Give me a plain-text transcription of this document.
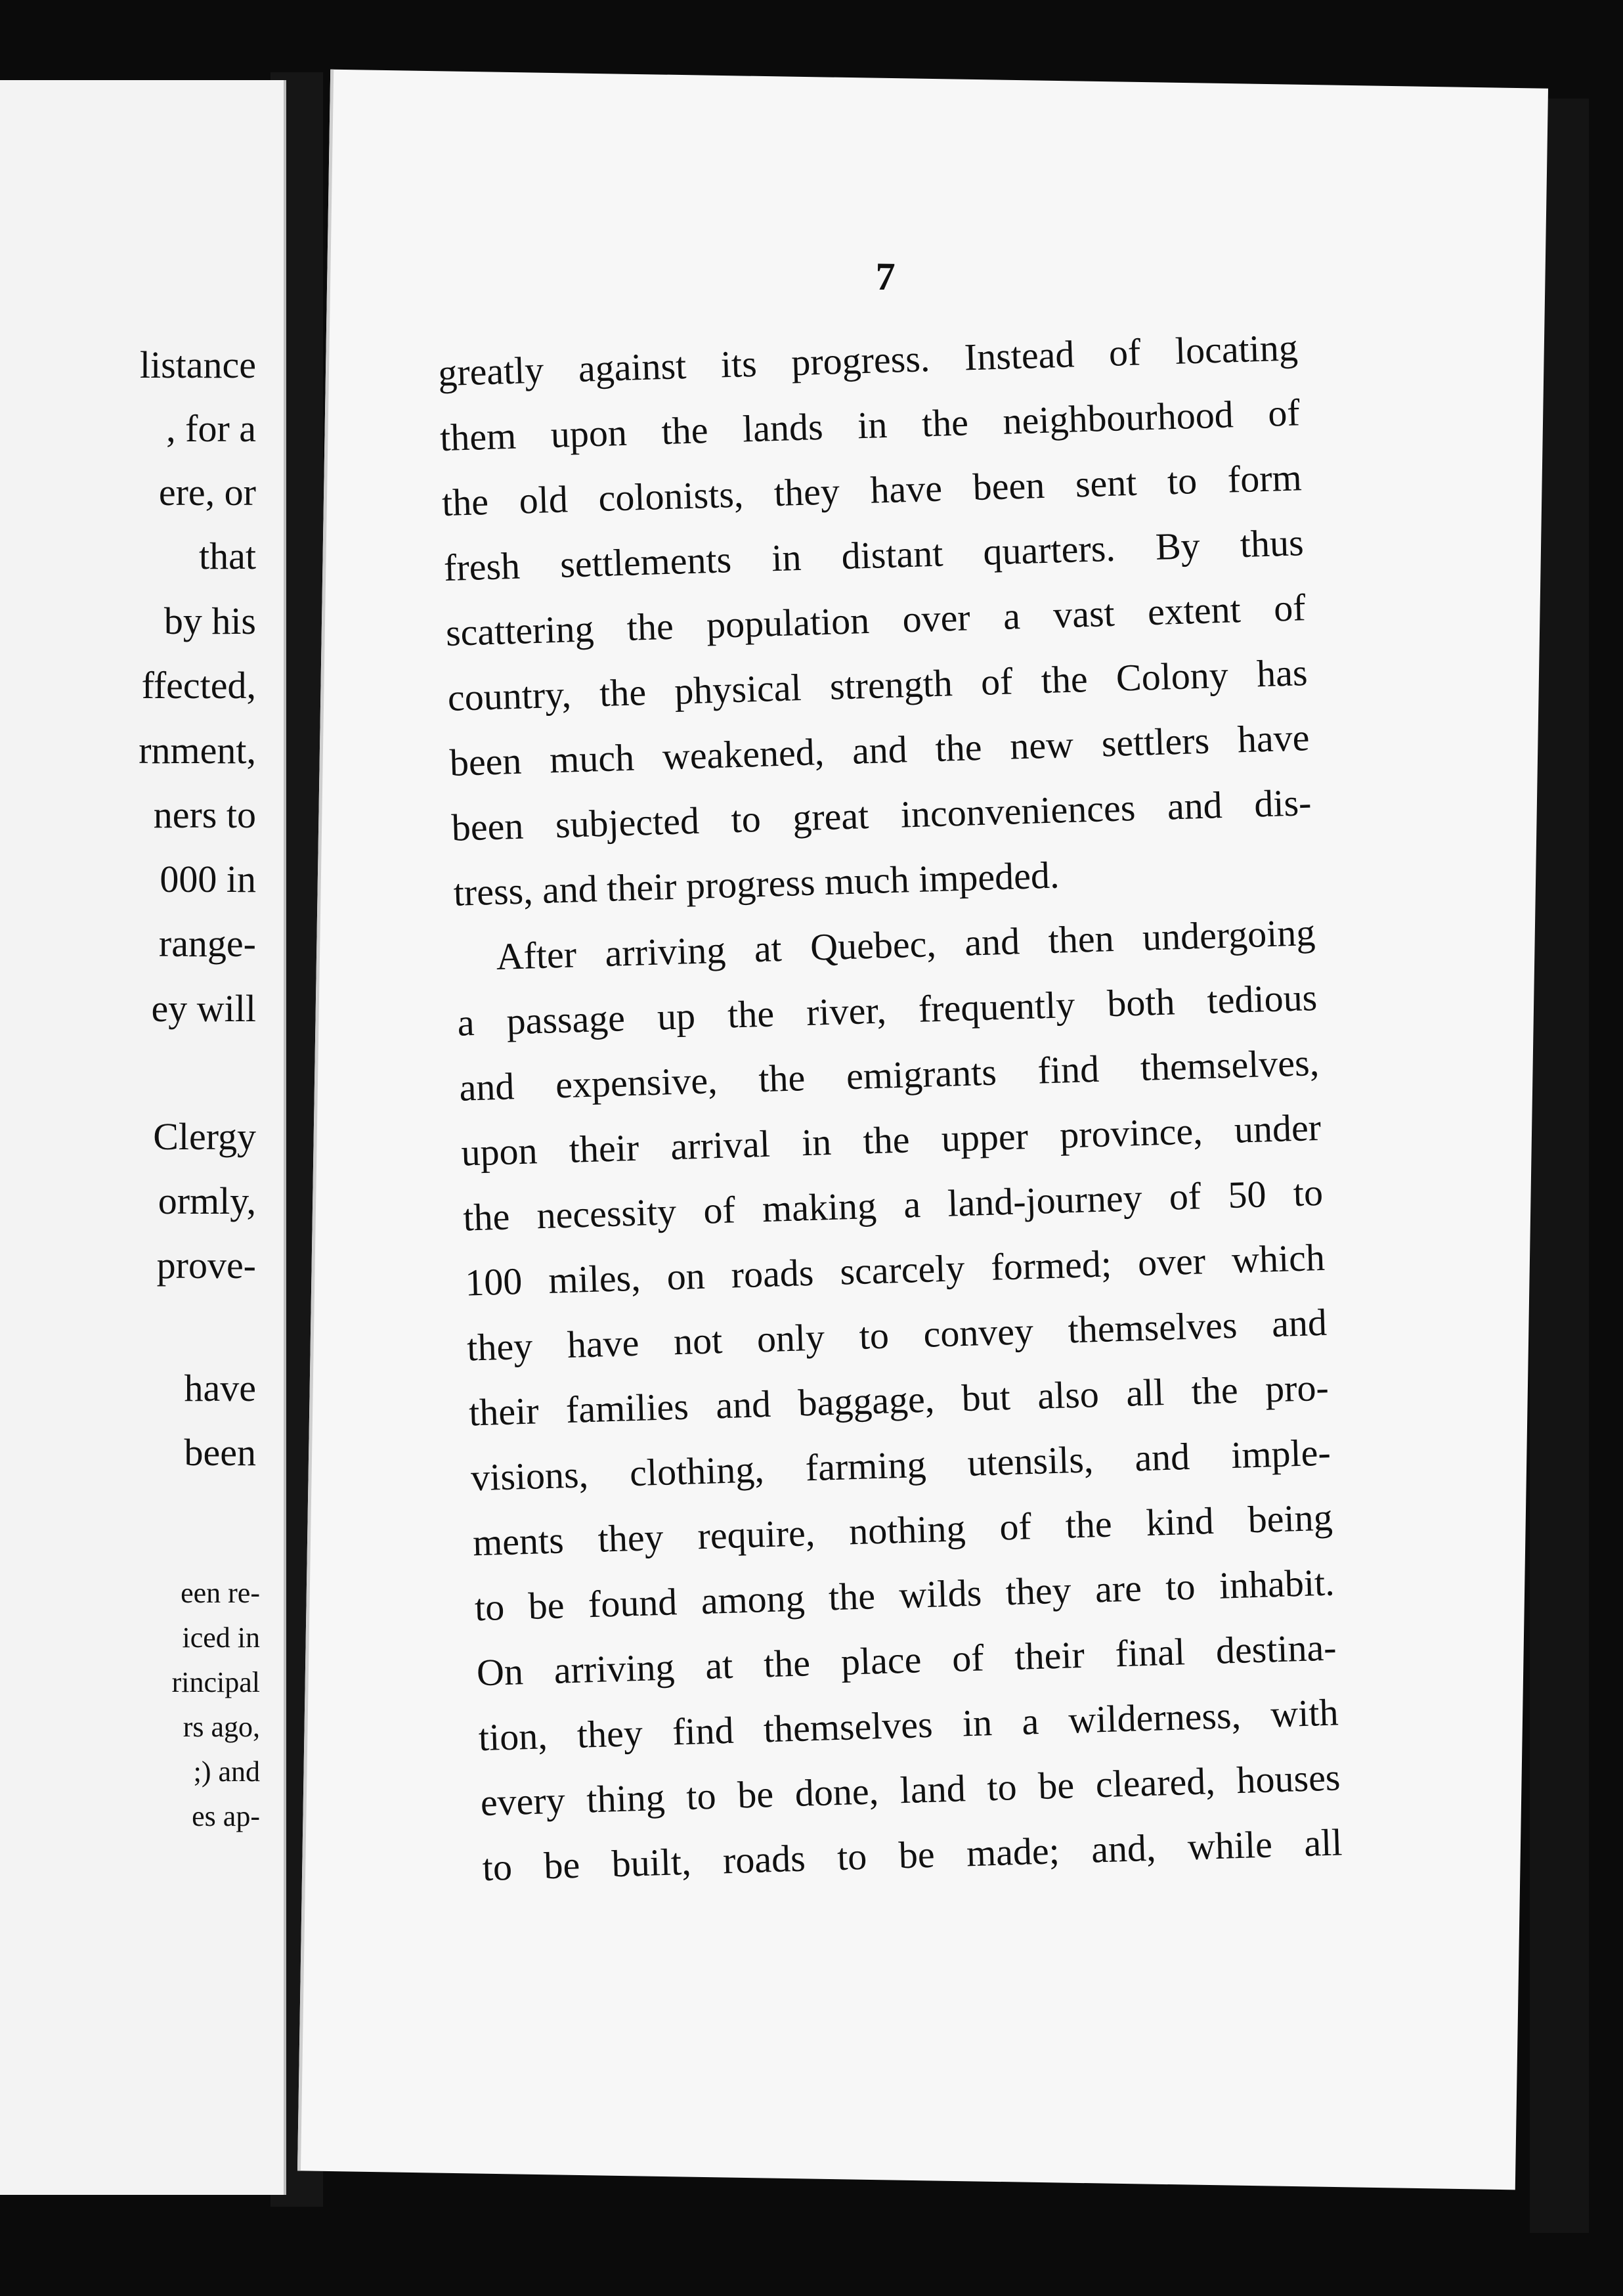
listance
, for a
ere, or
that
by his
ffected,
rnment,
ners to
000 in
range-
ey will
Clergy
ormly,
prove-
have
been
een re-
iced in
rincipal
rs ago,
;) and
es ap-
7
greatly against its progress. Instead of locating
them upon the lands in the neighbourhood of
the old colonists, they have been sent to form
fresh settlements in distant quarters. By thus
scattering the population over a vast extent of
country, the physical strength of the Colony has
been much weakened, and the new settlers have
been subjected to great inconveniences and dis-
tress, and their progress much impeded.
After arriving at Quebec, and then undergoing
a passage up the river, frequently both tedious
and expensive, the emigrants find themselves,
upon their arrival in the upper province, under
the necessity of making a land-journey of 50 to
100 miles, on roads scarcely formed; over which
they have not only to convey themselves and
their families and baggage, but also all the pro-
visions, clothing, farming utensils, and imple-
ments they require, nothing of the kind being
to be found among the wilds they are to inhabit.
On arriving at the place of their final destina-
tion, they find themselves in a wilderness, with
every thing to be done, land to be cleared, houses
to be built, roads to be made; and, while all
